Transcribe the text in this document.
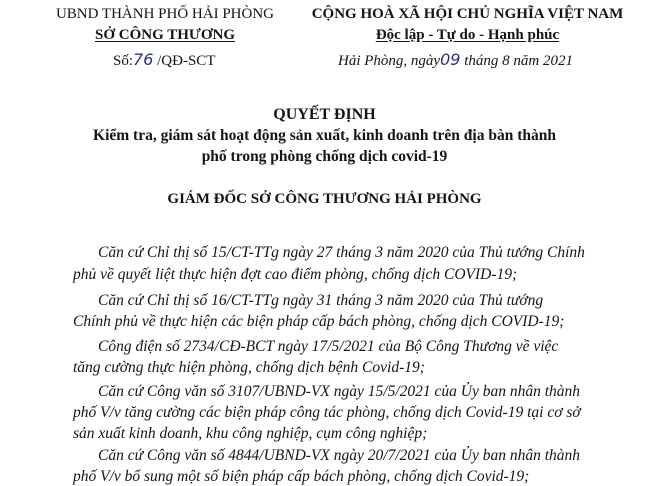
UBND THÀNH PHỐ HẢI PHÒNG
SỞ CÔNG THƯƠNG
Số:76 /QĐ-SCT
CỘNG HOÀ XÃ HỘI CHỦ NGHĨA VIỆT NAM
Độc lập - Tự do - Hạnh phúc
Hải Phòng, ngày09 tháng 8 năm 2021
QUYẾT ĐỊNH
Kiểm tra, giám sát hoạt động sản xuất, kinh doanh trên địa bàn thành
phố trong phòng chống dịch covid-19
GIÁM ĐỐC SỞ CÔNG THƯƠNG HẢI PHÒNG
Căn cứ Chỉ thị số 15/CT-TTg ngày 27 tháng 3 năm 2020 của Thủ tướng Chính
phủ về quyết liệt thực hiện đợt cao điểm phòng, chống dịch COVID-19;
Căn cứ Chỉ thị số 16/CT-TTg ngày 31 tháng 3 năm 2020 của Thủ tướng
Chính phủ về thực hiện các biện pháp cấp bách phòng, chống dịch COVID-19;
Công điện số 2734/CĐ-BCT ngày 17/5/2021 của Bộ Công Thương về việc
tăng cường thực hiện phòng, chống dịch bệnh Covid-19;
Căn cứ Công văn số 3107/UBND-VX ngày 15/5/2021 của Ủy ban nhân thành
phố V/v tăng cường các biện pháp công tác phòng, chống dịch Covid-19 tại cơ sở
sản xuất kinh doanh, khu công nghiệp, cụm công nghiệp;
Căn cứ Công văn số 4844/UBND-VX ngày 20/7/2021 của Ủy ban nhân thành
phố V/v bổ sung một số biện pháp cấp bách phòng, chống dịch Covid-19;
